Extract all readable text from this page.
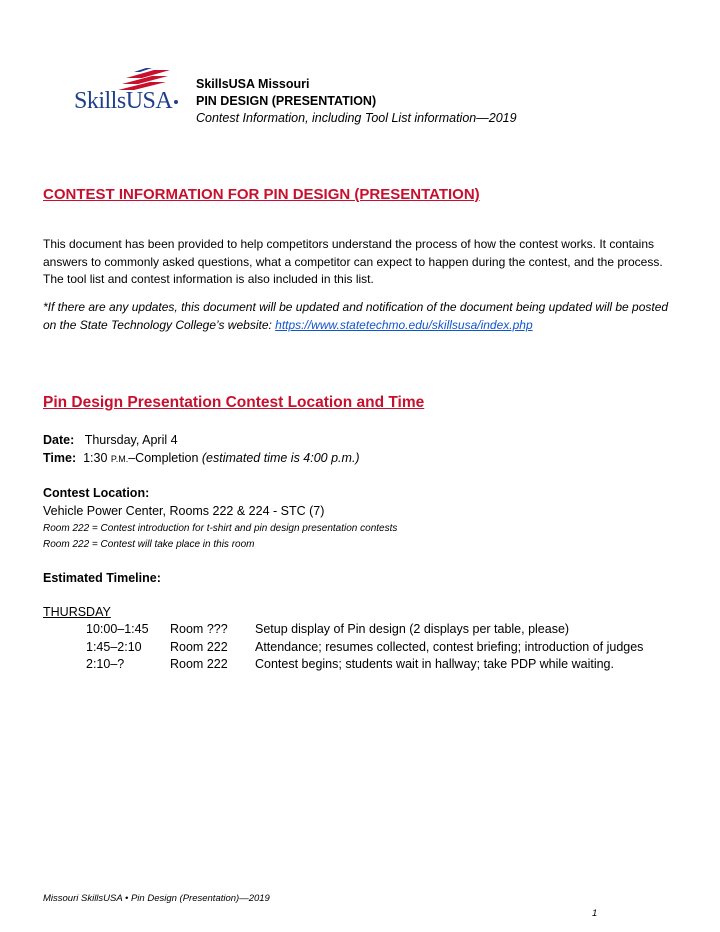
SkillsUSA
SkillsUSA Missouri
PIN DESIGN (PRESENTATION)
Contest Information, including Tool List information—2019
CONTEST INFORMATION FOR PIN DESIGN (PRESENTATION)
This document has been provided to help competitors understand the process of how the contest works. It contains answers to commonly asked questions, what a competitor can expect to happen during the contest, and the process. The tool list and contest information is also included in this list.
*If there are any updates, this document will be updated and notification of the document being updated will be posted on the State Technology College’s website: https://www.statetechmo.edu/skillsusa/index.php
Pin Design Presentation Contest Location and Time
Date: Thursday, April 4
Time: 1:30 P.M.–Completion (estimated time is 4:00 p.m.)
Contest Location:
Vehicle Power Center, Rooms 222 & 224 - STC (7)
Room 222 = Contest introduction for t-shirt and pin design presentation contests
Room 222 = Contest will take place in this room
Estimated Timeline:
THURSDAY
10:00–1:45 Room ??? Setup display of Pin design (2 displays per table, please)
1:45–2:10 Room 222 Attendance; resumes collected, contest briefing; introduction of judges
2:10–?	Room 222 Contest begins; students wait in hallway; take PDP while waiting.
Missouri SkillsUSA • Pin Design (Presentation)—2019
1
